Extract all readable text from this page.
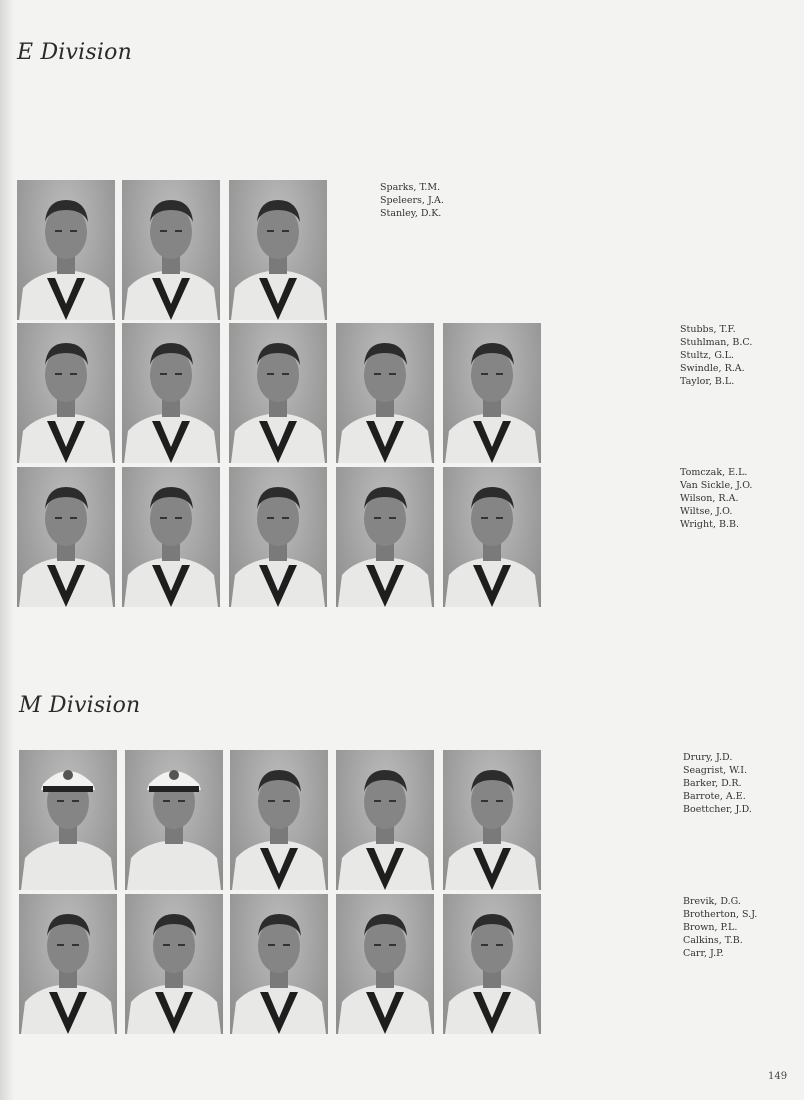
E Division
Sparks, T.M.
Speleers, J.A.
Stanley, D.K.
Stubbs, T.F.
Stuhlman, B.C.
Stultz, G.L.
Swindle, R.A.
Taylor, B.L.
Tomczak, E.L.
Van Sickle, J.O.
Wilson, R.A.
Wiltse, J.O.
Wright, B.B.
M Division
Drury, J.D.
Seagrist, W.I.
Barker, D.R.
Barrote, A.E.
Boettcher, J.D.
Brevik, D.G.
Brotherton, S.J.
Brown, P.L.
Calkins, T.B.
Carr, J.P.
149
